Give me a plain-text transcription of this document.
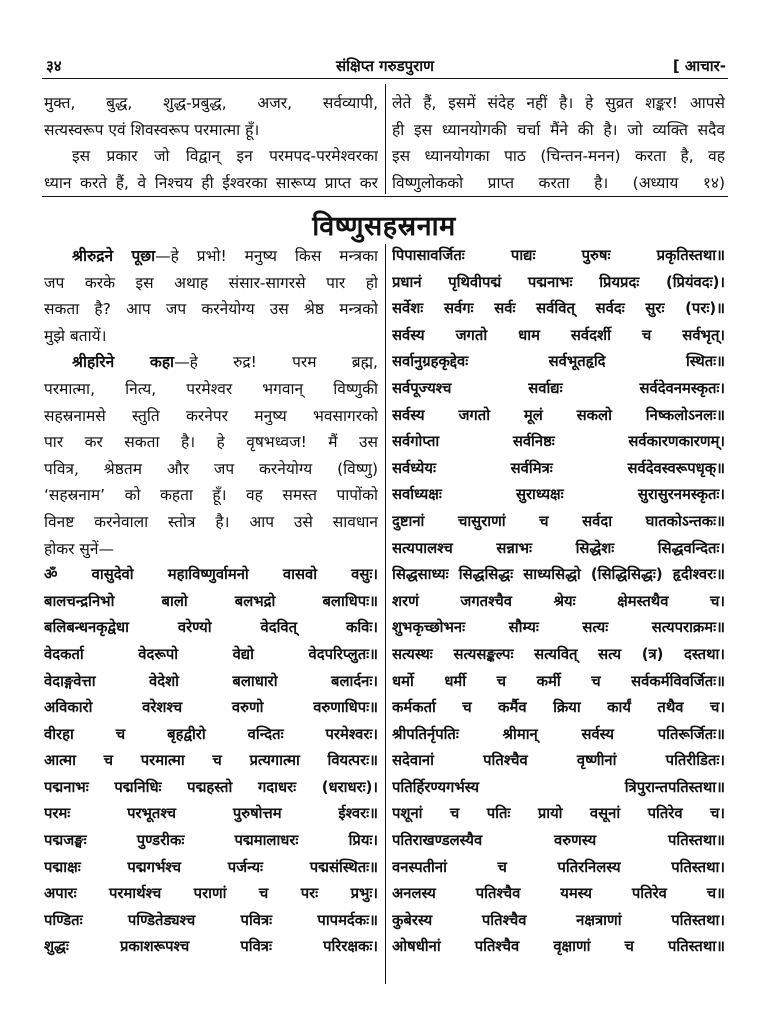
३४	संक्षिप्त गरुडपुराण	[ आचार-
मुक्त, बुद्ध, शुद्ध-प्रबुद्ध, अजर, सर्वव्यापी,
सत्यस्वरूप एवं शिवस्वरूप परमात्मा हूँ।
इस प्रकार जो विद्वान् इन परमपद-परमेश्वरका
ध्यान करते हैं, वे निश्चय ही ईश्वरका सारूप्य प्राप्त कर
लेते हैं, इसमें संदेह नहीं है। हे सुव्रत शङ्कर! आपसे
ही इस ध्यानयोगकी चर्चा मैंने की है। जो व्यक्ति सदैव
इस ध्यानयोगका पाठ (चिन्तन-मनन) करता है, वह
विष्णुलोकको प्राप्त करता है। (अध्याय १४)
विष्णुसहस्रनाम
श्रीरुद्रने पूछा—हे प्रभो! मनुष्य किस मन्त्रका
जप करके इस अथाह संसार-सागरसे पार हो
सकता है? आप जप करनेयोग्य उस श्रेष्ठ मन्त्रको
मुझे बतायें।
श्रीहरिने कहा—हे रुद्र! परम ब्रह्म,
परमात्मा, नित्य, परमेश्वर भगवान् विष्णुकी
सहस्रनामसे स्तुति करनेपर मनुष्य भवसागरको
पार कर सकता है। हे वृषभध्वज! मैं उस
पवित्र, श्रेष्ठतम और जप करनेयोग्य (विष्णु)
‘सहस्रनाम’ को कहता हूँ। वह समस्त पापोंको
विनष्ट करनेवाला स्तोत्र है। आप उसे सावधान
होकर सुनें—
ॐ वासुदेवो महाविष्णुर्वामनो वासवो वसुः।
बालचन्द्रनिभो बालो बलभद्रो बलाधिपः॥
बलिबन्धनकृद्वेधा वरेण्यो वेदवित् कविः।
वेदकर्ता वेदरूपो वेद्यो वेदपरिप्लुतः॥
वेदाङ्गवेत्ता वेदेशो बलाधारो बलार्दनः।
अविकारो वरेशश्च वरुणो वरुणाधिपः॥
वीरहा च बृहद्वीरो वन्दितः परमेश्वरः।
आत्मा च परमात्मा च प्रत्यगात्मा वियत्परः॥
पद्मनाभः पद्मनिधिः पद्महस्तो गदाधरः (धराधरः)।
परमः परभूतश्च पुरुषोत्तम ईश्वरः॥
पद्मजङ्घः पुण्डरीकः पद्ममालाधरः प्रियः।
पद्माक्षः पद्मगर्भश्च पर्जन्यः पद्मसंस्थितः॥
अपारः परमार्थश्च पराणां च परः प्रभुः।
पण्डितः पण्डितेड्यश्च पवित्रः पापमर्दकः॥
शुद्धः प्रकाशरूपश्च पवित्रः परिरक्षकः।
पिपासावर्जितः पाद्यः पुरुषः प्रकृतिस्तथा॥
प्रधानं पृथिवीपद्मं पद्मनाभः प्रियप्रदः (प्रियंवदः)।
सर्वेशः सर्वगः सर्वः सर्ववित् सर्वदः सुरः (परः)॥
सर्वस्य जगतो धाम सर्वदर्शी च सर्वभृत्।
सर्वानुग्रहकृद्देवः सर्वभूतहृदि स्थितः॥
सर्वपूज्यश्च सर्वाद्यः सर्वदेवनमस्कृतः।
सर्वस्य जगतो मूलं सकलो निष्कलोऽनलः॥
सर्वगोप्ता सर्वनिष्ठः सर्वकारणकारणम्।
सर्वध्येयः सर्वमित्रः सर्वदेवस्वरूपधृक्॥
सर्वाध्यक्षः सुराध्यक्षः सुरासुरनमस्कृतः।
दुष्टानां चासुराणां च सर्वदा घातकोऽन्तकः॥
सत्यपालश्च सन्नाभः सिद्धेशः सिद्धवन्दितः।
सिद्धसाध्यः सिद्धसिद्धः साध्यसिद्धो (सिद्धिसिद्धः) हृदीश्वरः॥
शरणं जगतश्चैव श्रेयः क्षेमस्तथैव च।
शुभकृच्छोभनः सौम्यः सत्यः सत्यपराक्रमः॥
सत्यस्थः सत्यसङ्कल्पः सत्यवित् सत्य (त्र) दस्तथा।
धर्मो धर्मी च कर्मी च सर्वकर्मविवर्जितः॥
कर्मकर्ता च कर्मैव क्रिया कार्यं तथैव च।
श्रीपतिर्नृपतिः श्रीमान् सर्वस्य पतिरूर्जितः॥
सदेवानां पतिश्चैव वृष्णीनां पतिरीडितः।
पतिर्हिरण्यगर्भस्य त्रिपुरान्तपतिस्तथा॥
पशूनां च पतिः प्रायो वसूनां पतिरेव च।
पतिराखण्डलस्यैव वरुणस्य पतिस्तथा॥
वनस्पतीनां च पतिरनिलस्य पतिस्तथा।
अनलस्य पतिश्चैव यमस्य पतिरेव च॥
कुबेरस्य पतिश्चैव नक्षत्राणां पतिस्तथा।
ओषधीनां पतिश्चैव वृक्षाणां च पतिस्तथा॥
